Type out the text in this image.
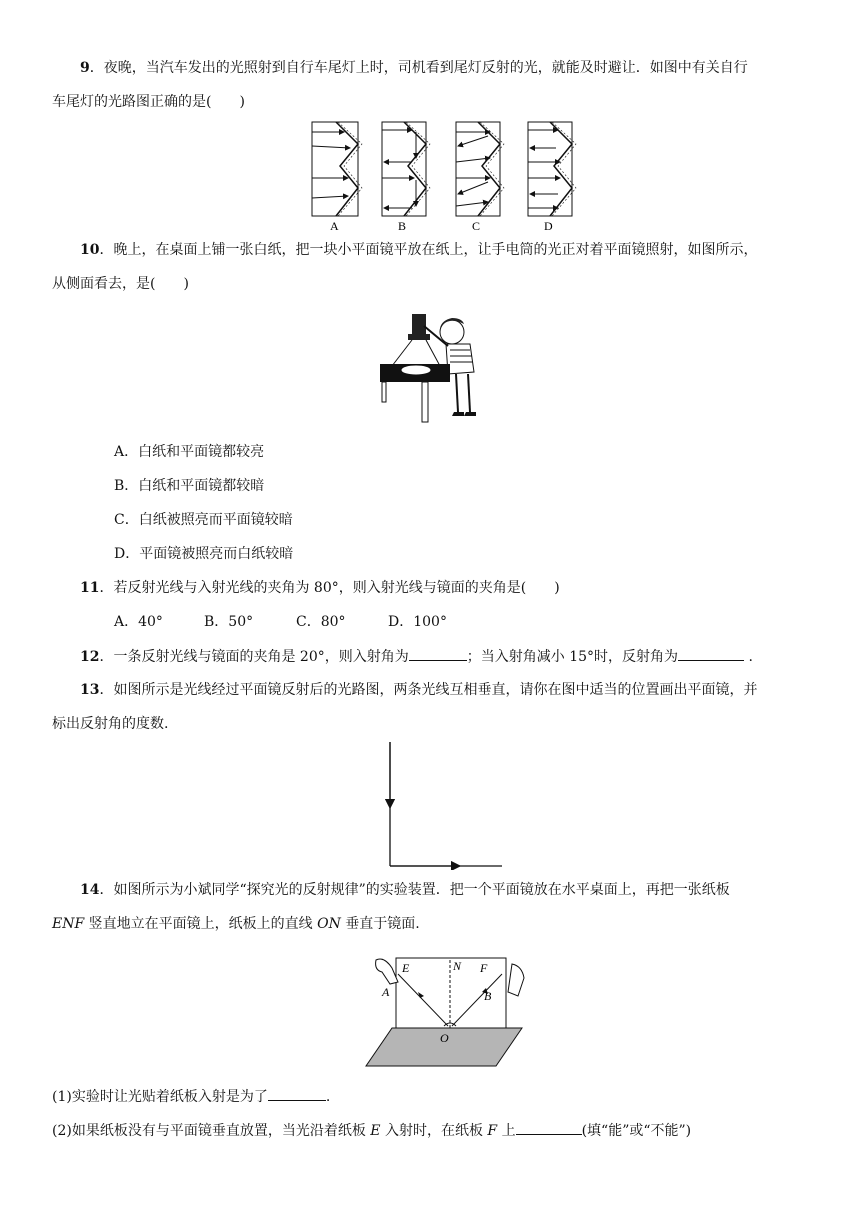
9．夜晚，当汽车发出的光照射到自行车尾灯上时，司机看到尾灯反射的光，就能及时避让．如图中有关自行
车尾灯的光路图正确的是(　　)
A	B	C	D
10．晚上，在桌面上铺一张白纸，把一块小平面镜平放在纸上，让手电筒的光正对着平面镜照射，如图所示，
从侧面看去，是(　　)
A．白纸和平面镜都较亮
B．白纸和平面镜都较暗
C．白纸被照亮而平面镜较暗
D．平面镜被照亮而白纸较暗
11．若反射光线与入射光线的夹角为 80°，则入射光线与镜面的夹角是(　　)
A．40°	B．50°	C．80°	D．100°
12．一条反射光线与镜面的夹角是 20°，则入射角为	；当入射角减小 15°时，反射角为	.
13．如图所示是光线经过平面镜反射后的光路图，两条光线互相垂直，请你在图中适当的位置画出平面镜，并
标出反射角的度数.
14．如图所示为小斌同学“探究光的反射规律”的实验装置．把一个平面镜放在水平桌面上，再把一张纸板
ENF 竖直地立在平面镜上，纸板上的直线 ON 垂直于镜面.
E	N F
A	B
O
(1)实验时让光贴着纸板入射是为了	.
(2)如果纸板没有与平面镜垂直放置，当光沿着纸板 E 入射时，在纸板 F 上	(填“能”或“不能”)
